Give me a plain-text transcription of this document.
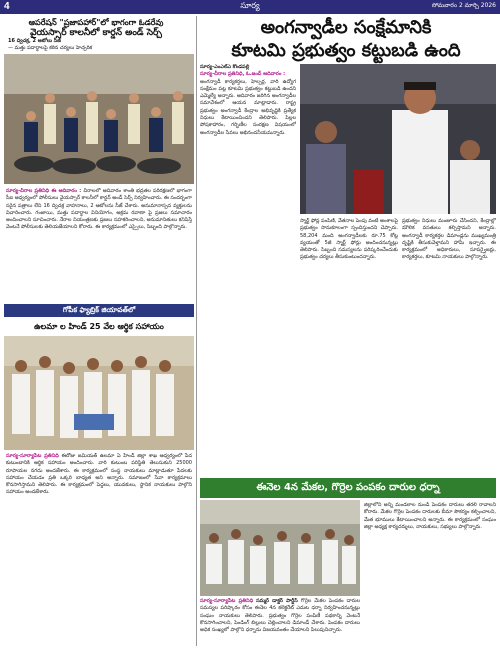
4	సూర్య	సోమవారం 2 మార్చి 2026
ఆపరేషన్ "ప్రజాపహార్"లో భాగంగా ఓడరేవు
వైయస్సార్ కాలనీలో కార్డన్ అండ్ సెర్చ్
16 ద్విచక్ర, 2 ఆటోలు సీజ్
— మత్తు పదార్థాలపై కఠిన చర్యలు హెచ్చరిక
సూర్య-చీరాల ప్రతినిధి ఈ ఆదివారం : చీరాలలో ఆదివారం శాంతి భద్రతల పరిరక్షణలో భాగంగా సీఐ ఆధ్వర్యంలో పోలీసులు వైయస్సార్ కాలనీలో కార్డన్ అండ్ సెర్చ్ నిర్వహించారు. ఈ సందర్భంగా సరైన పత్రాలు లేని 16 ద్విచక్ర వాహనాలు, 2 ఆటోలను సీజ్ చేశారు. అనుమానాస్పద వ్యక్తులను విచారించారు. గంజాయి, మత్తు పదార్థాల వినియోగం, అక్రమ రవాణా పై ప్రజలు సమాచారం అందించాలని సూచించారు. నేరాల నియంత్రణకు ప్రజలు సహకరించాలని, అనుమానితులు కనిపిస్తే వెంటనే పోలీసులకు తెలియజేయాలని కోరారు. ఈ కార్యక్రమంలో ఎస్సైలు, సిబ్బంది పాల్గొన్నారు.
గోపీక ఫ్యాబ్రిక్ జియావత్‌లో
ఉలమా ల హిండ్ 25 వేల ఆర్థిక సహాయం
సూర్య-సూర్యాపేట ప్రతినిధి ఈరోజు జమియత్ ఉలమా ఏ హిండ్ జిల్లా శాఖ ఆధ్వర్యంలో పేద కుటుంబానికి ఆర్థిక సహాయం అందించారు. వారి కుటుంబ పరిస్థితి తెలుసుకుని 25000 రూపాయల నగదు అందజేశారు. ఈ కార్యక్రమంలో సంస్థ నాయకులు మాట్లాడుతూ పేదలకు సహాయం చేయడం ప్రతి ఒక్కరి బాధ్యత అని అన్నారు. సమాజంలో సేవా కార్యక్రమాలు కొనసాగిస్తామని తెలిపారు. ఈ కార్యక్రమంలో పెద్దలు, యువకులు, స్థానిక నాయకులు పాల్గొని సహాయం అందజేశారు.
అంగన్వాడీల సంక్షేమానికి
కూటమి ప్రభుత్వం కట్టుబడి ఉంది
సూర్య-ఎంఎల్ఎ కొండపల్లి
సూర్య-చీరాల ప్రతినిధి, ఓ.జంద్ ఆదివారం :
అంగన్వాడీ కార్యకర్తలు, హెల్పర్ల, వారి ఉద్యోగ సంక్షేమం పట్ల కూటమి ప్రభుత్వం కట్టుబడి ఉందని ఎమ్మెల్యే అన్నారు. ఆదివారం జరిగిన అంగన్వాడీల సమావేశంలో ఆయన మాట్లాడారు. రాష్ట్ర ప్రభుత్వం అంగన్వాడీ కేంద్రాల అభివృద్ధికి ప్రత్యేక నిధులు కేటాయించిందని తెలిపారు. పిల్లల పోషకాహారం, గర్భిణీల సంరక్షణ విషయంలో అంగన్వాడీల సేవలు అభినందనీయమన్నారు.
స్మార్ట్ ఫోన్ల పంపిణీ, వేతనాల పెంపు వంటి అంశాలపై ప్రభుత్వం సానుకూలంగా స్పందిస్తుందని చెప్పారు. 58,204 మంది అంగన్వాడీలకు రూ.75 కోట్ల వ్యయంతో 5జీ స్మార్ట్ ఫోన్లు అందించనున్నట్లు తెలిపారు. సిబ్బంది సమస్యలను పరిష్కరించేందుకు ప్రభుత్వం చర్యలు తీసుకుంటుందన్నారు.
ప్రభుత్వం నిధులు మంజూరు చేసిందని, కేంద్రాల్లో మౌలిక వసతులు కల్పిస్తామని అన్నారు. అంగన్వాడీ కార్యకర్తల డిమాండ్లను ముఖ్యమంత్రి దృష్టికి తీసుకువెళ్తామని హామీ ఇచ్చారు. ఈ కార్యక్రమంలో అధికారులు, సూపర్వైజర్లు, కార్యకర్తలు, కూటమి నాయకులు పాల్గొన్నారు.
ఈనెల 4న మేకల, గొర్రెల పంపకం దారుల ధర్నా
సూర్య-సూర్యాపేట ప్రతినిధి సమ్మర్ డాక్టర్ పార్టీస్ గొర్రెల మేకల పెంపకం దారుల సమస్యల పరిష్కారం కోసం ఈనెల 4న కలెక్టరేట్ ఎదుట ధర్నా నిర్వహించనున్నట్లు సంఘం నాయకులు తెలిపారు. ప్రభుత్వం గొర్రెల పంపిణీ పథకాన్ని వెంటనే కొనసాగించాలని, పెండింగ్ బిల్లులు చెల్లించాలని డిమాండ్ చేశారు. పెంపకం దారులు అధిక సంఖ్యలో పాల్గొని ధర్నాను విజయవంతం చేయాలని పిలుపునిచ్చారు.
జిల్లాలోని అన్ని మండలాల నుండి పెంపకం దారులు తరలి రావాలని కోరారు. మేకల గొర్రెల పెంపకం దారులకు బీమా సౌకర్యం కల్పించాలని, మేత భూములు కేటాయించాలని అన్నారు. ఈ కార్యక్రమంలో సంఘం జిల్లా అధ్యక్ష కార్యదర్శులు, నాయకులు, సభ్యులు పాల్గొన్నారు.
